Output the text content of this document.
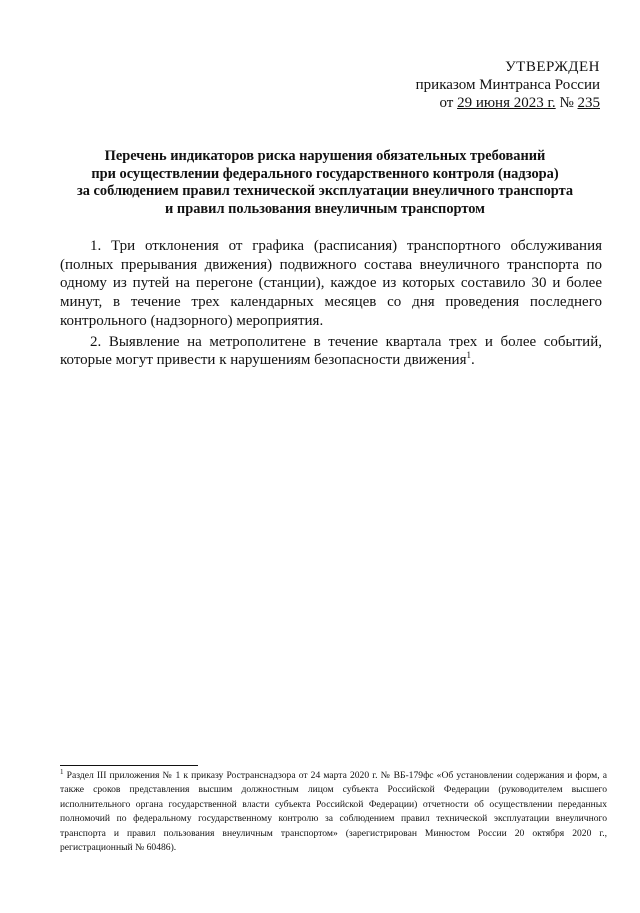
УТВЕРЖДЕН
приказом Минтранса России
от 29 июня 2023 г. № 235
Перечень индикаторов риска нарушения обязательных требований
при осуществлении федерального государственного контроля (надзора)
за соблюдением правил технической эксплуатации внеуличного транспорта
и правил пользования внеуличным транспортом

1. Три отклонения от графика (расписания) транспортного обслуживания (полных прерывания движения) подвижного состава внеуличного транспорта по одному из путей на перегоне (станции), каждое из которых составило 30 и более минут, в течение трех календарных месяцев со дня проведения последнего контрольного (надзорного) мероприятия.

2. Выявление на метрополитене в течение квартала трех и более событий, которые могут привести к нарушениям безопасности движения$^1$.

$^1$ Раздел III приложения № 1 к приказу Ространснадзора от 24 марта 2020 г. № ВБ-179фс «Об установлении содержания и форм, а также сроков представления высшим должностным лицом субъекта Российской Федерации (руководителем высшего исполнительного органа государственной власти субъекта Российской Федерации) отчетности об осуществлении переданных полномочий по федеральному государственному контролю за соблюдением правил технической эксплуатации внеуличного транспорта и правил пользования внеуличным транспортом» (зарегистрирован Минюстом России 20 октября 2020 г., регистрационный № 60486).
